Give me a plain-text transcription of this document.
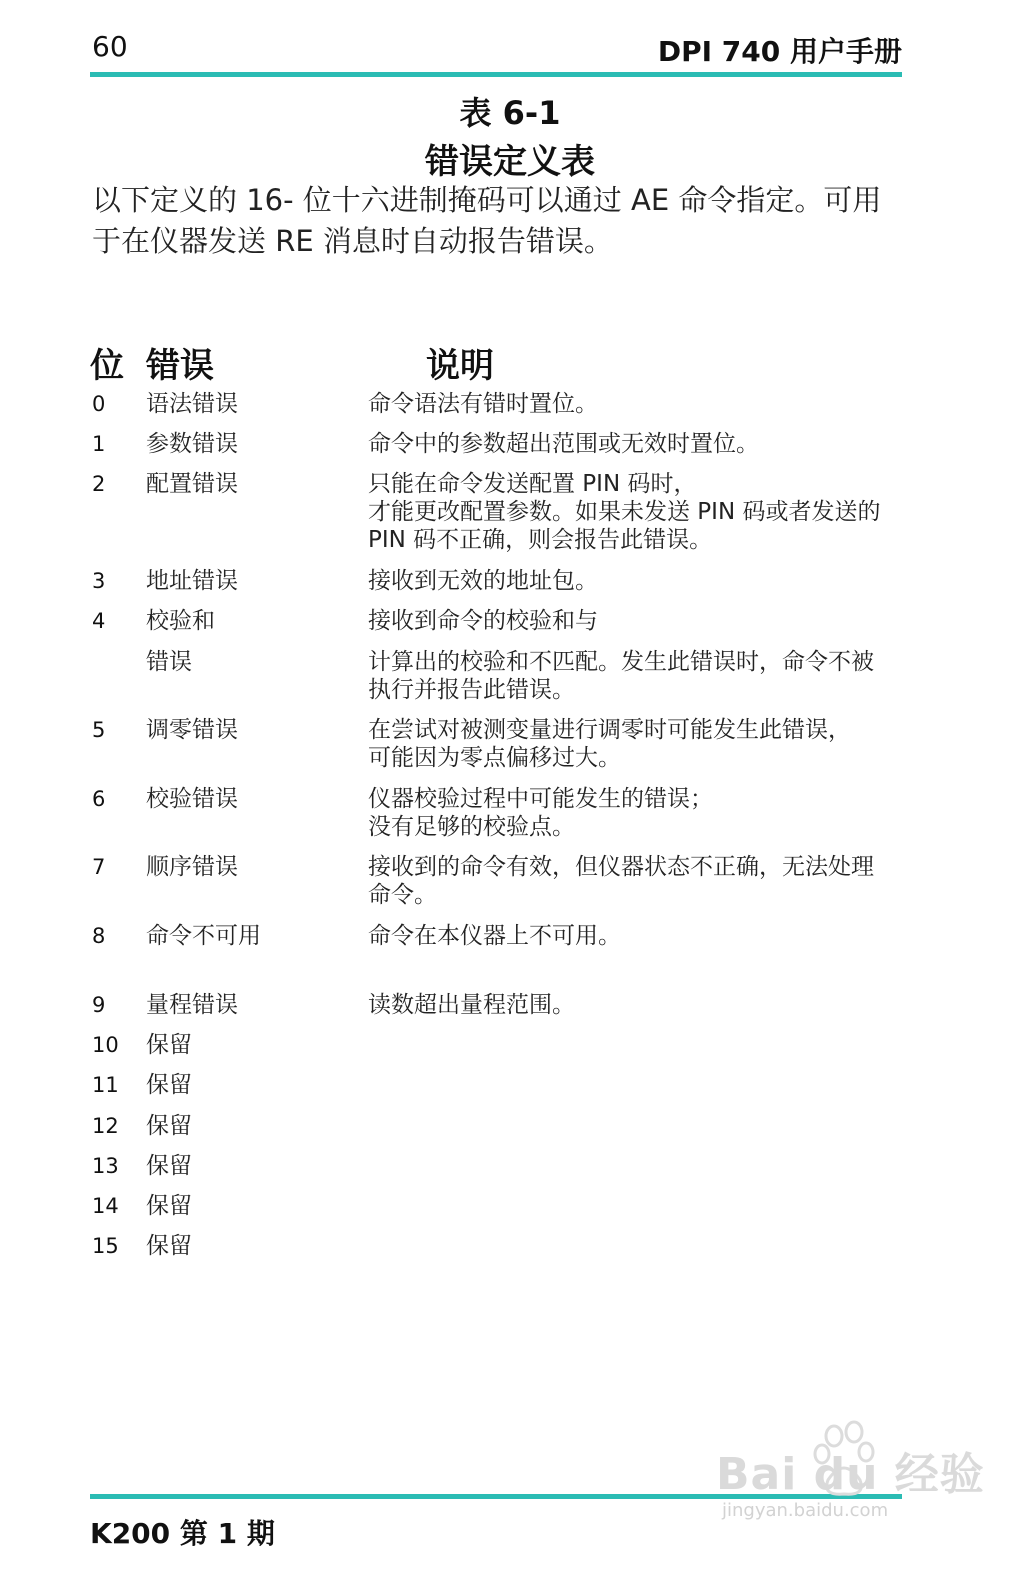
60	DPI 740 用户手册
表 6-1
错误定义表
以下定义的 16- 位十六进制掩码可以通过 AE 命令指定。可用于在仪器发送 RE 消息时自动报告错误。
位 错误	说明
0 语法错误	命令语法有错时置位。
1 参数错误	命令中的参数超出范围或无效时置位。
2 配置错误	只能在命令发送配置 PIN 码时，
才能更改配置参数。如果未发送 PIN 码或者发送的
PIN 码不正确，则会报告此错误。
3 地址错误	接收到无效的地址包。
4 校验和	接收到命令的校验和与
错误	计算出的校验和不匹配。发生此错误时，命令不被
执行并报告此错误。
5 调零错误	在尝试对被测变量进行调零时可能发生此错误，
可能因为零点偏移过大。
6 校验错误	仪器校验过程中可能发生的错误；
没有足够的校验点。
7 顺序错误	接收到的命令有效，但仪器状态不正确，无法处理
命令。
8 命令不可用	命令在本仪器上不可用。
9 量程错误	读数超出量程范围。
10 保留
11 保留
12 保留
13 保留
14 保留
15 保留
K200 第 1 期
Bai du 经验
jingyan.baidu.com
